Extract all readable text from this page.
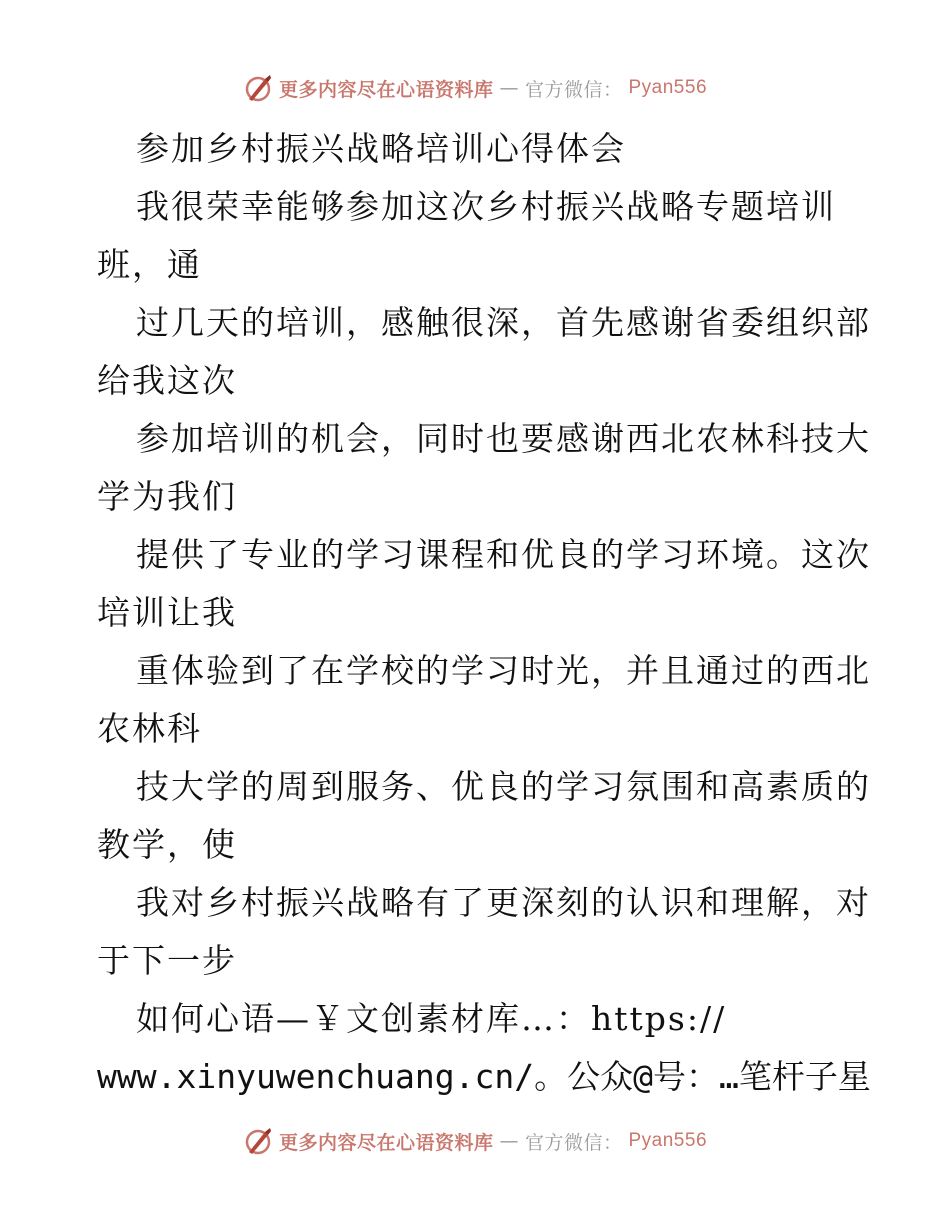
更多内容尽在心语资料库 — 官方微信： Pyan556
参加乡村振兴战略培训心得体会
我很荣幸能够参加这次乡村振兴战略专题培训
班，通
过几天的培训，感触很深，首先感谢省委组织部
给我这次
参加培训的机会，同时也要感谢西北农林科技大
学为我们
提供了专业的学习课程和优良的学习环境。这次
培训让我
重体验到了在学校的学习时光，并且通过的西北
农林科
技大学的周到服务、优良的学习氛围和高素质的
教学，使
我对乡村振兴战略有了更深刻的认识和理解，对
于下一步
如何心语—￥文创素材库…：https://
www.xinyuwenchuang.cn/。公众@号：…笔杆子星
更多内容尽在心语资料库 — 官方微信： Pyan556
